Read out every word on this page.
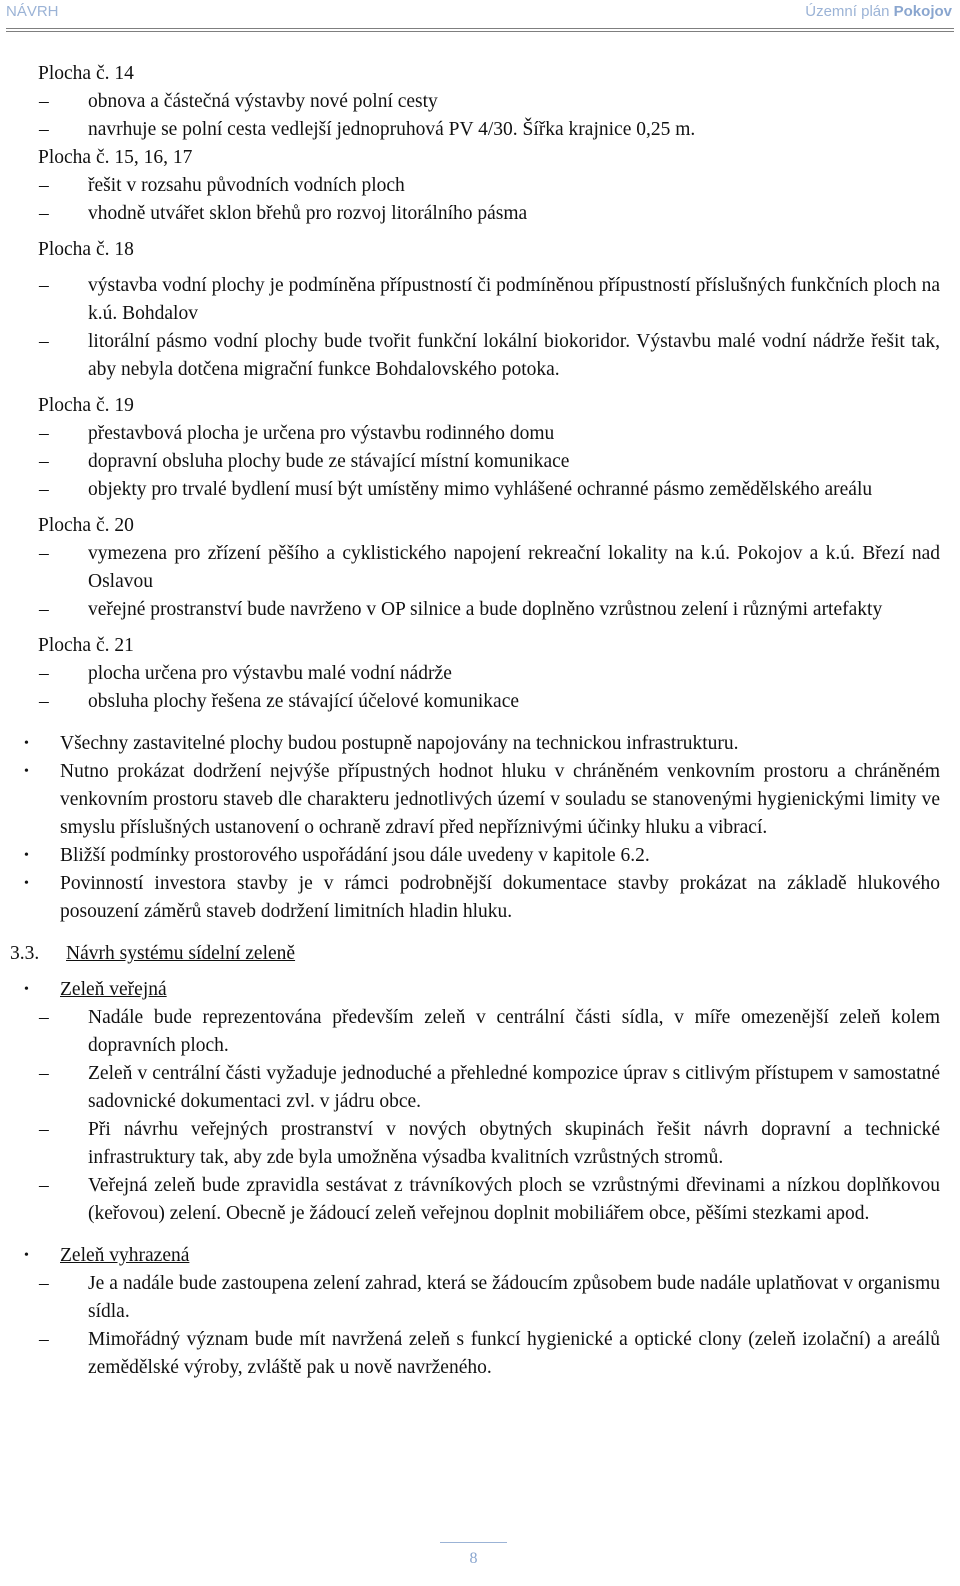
NÁVRH	Územní plán Pokojov
Plocha č. 14
– obnova a částečná výstavby nové polní cesty
– navrhuje se polní cesta vedlejší jednopruhová PV 4/30. Šířka krajnice 0,25 m.
Plocha č. 15, 16, 17
– řešit v rozsahu původních vodních ploch
– vhodně utvářet sklon břehů pro rozvoj litorálního pásma
Plocha č. 18
– výstavba vodní plochy je podmíněna přípustností či podmíněnou přípustností příslušných funkčních ploch na k.ú. Bohdalov
– litorální pásmo vodní plochy bude tvořit funkční lokální biokoridor. Výstavbu malé vodní nádrže řešit tak, aby nebyla dotčena migrační funkce Bohdalovského potoka.
Plocha č. 19
– přestavbová plocha je určena pro výstavbu rodinného domu
– dopravní obsluha plochy bude ze stávající místní komunikace
– objekty pro trvalé bydlení musí být umístěny mimo vyhlášené ochranné pásmo zemědělského areálu
Plocha č. 20
– vymezena pro zřízení pěšího a cyklistického napojení rekreační lokality na k.ú. Pokojov a k.ú. Březí nad Oslavou
– veřejné prostranství bude navrženo v OP silnice a bude doplněno vzrůstnou zelení i různými artefakty
Plocha č. 21
– plocha určena pro výstavbu malé vodní nádrže
– obsluha plochy řešena ze stávající účelové komunikace
• Všechny zastavitelné plochy budou postupně napojovány na technickou infrastrukturu.
• Nutno prokázat dodržení nejvýše přípustných hodnot hluku v chráněném venkovním prostoru a chráněném venkovním prostoru staveb dle charakteru jednotlivých území v souladu se stanovenými hygienickými limity ve smyslu příslušných ustanovení o ochraně zdraví před nepříznivými účinky hluku a vibrací.
• Bližší podmínky prostorového uspořádání jsou dále uvedeny v kapitole 6.2.
• Povinností investora stavby je v rámci podrobnější dokumentace stavby prokázat na základě hlukového posouzení záměrů staveb dodržení limitních hladin hluku.
3.3. Návrh systému sídelní zeleně
• Zeleň veřejná
– Nadále bude reprezentována především zeleň v centrální části sídla, v míře omezenější zeleň kolem dopravních ploch.
– Zeleň v centrální části vyžaduje jednoduché a přehledné kompozice úprav s citlivým přístupem v samostatné sadovnické dokumentaci zvl. v jádru obce.
– Při návrhu veřejných prostranství v nových obytných skupinách řešit návrh dopravní a technické infrastruktury tak, aby zde byla umožněna výsadba kvalitních vzrůstných stromů.
– Veřejná zeleň bude zpravidla sestávat z trávníkových ploch se vzrůstnými dřevinami a nízkou doplňkovou (keřovou) zelení. Obecně je žádoucí zeleň veřejnou doplnit mobiliářem obce, pěšími stezkami apod.
• Zeleň vyhrazená
– Je a nadále bude zastoupena zelení zahrad, která se žádoucím způsobem bude nadále uplatňovat v organismu sídla.
– Mimořádný význam bude mít navržená zeleň s funkcí hygienické a optické clony (zeleň izolační) a areálů zemědělské výroby, zvláště pak u nově navrženého.
8
